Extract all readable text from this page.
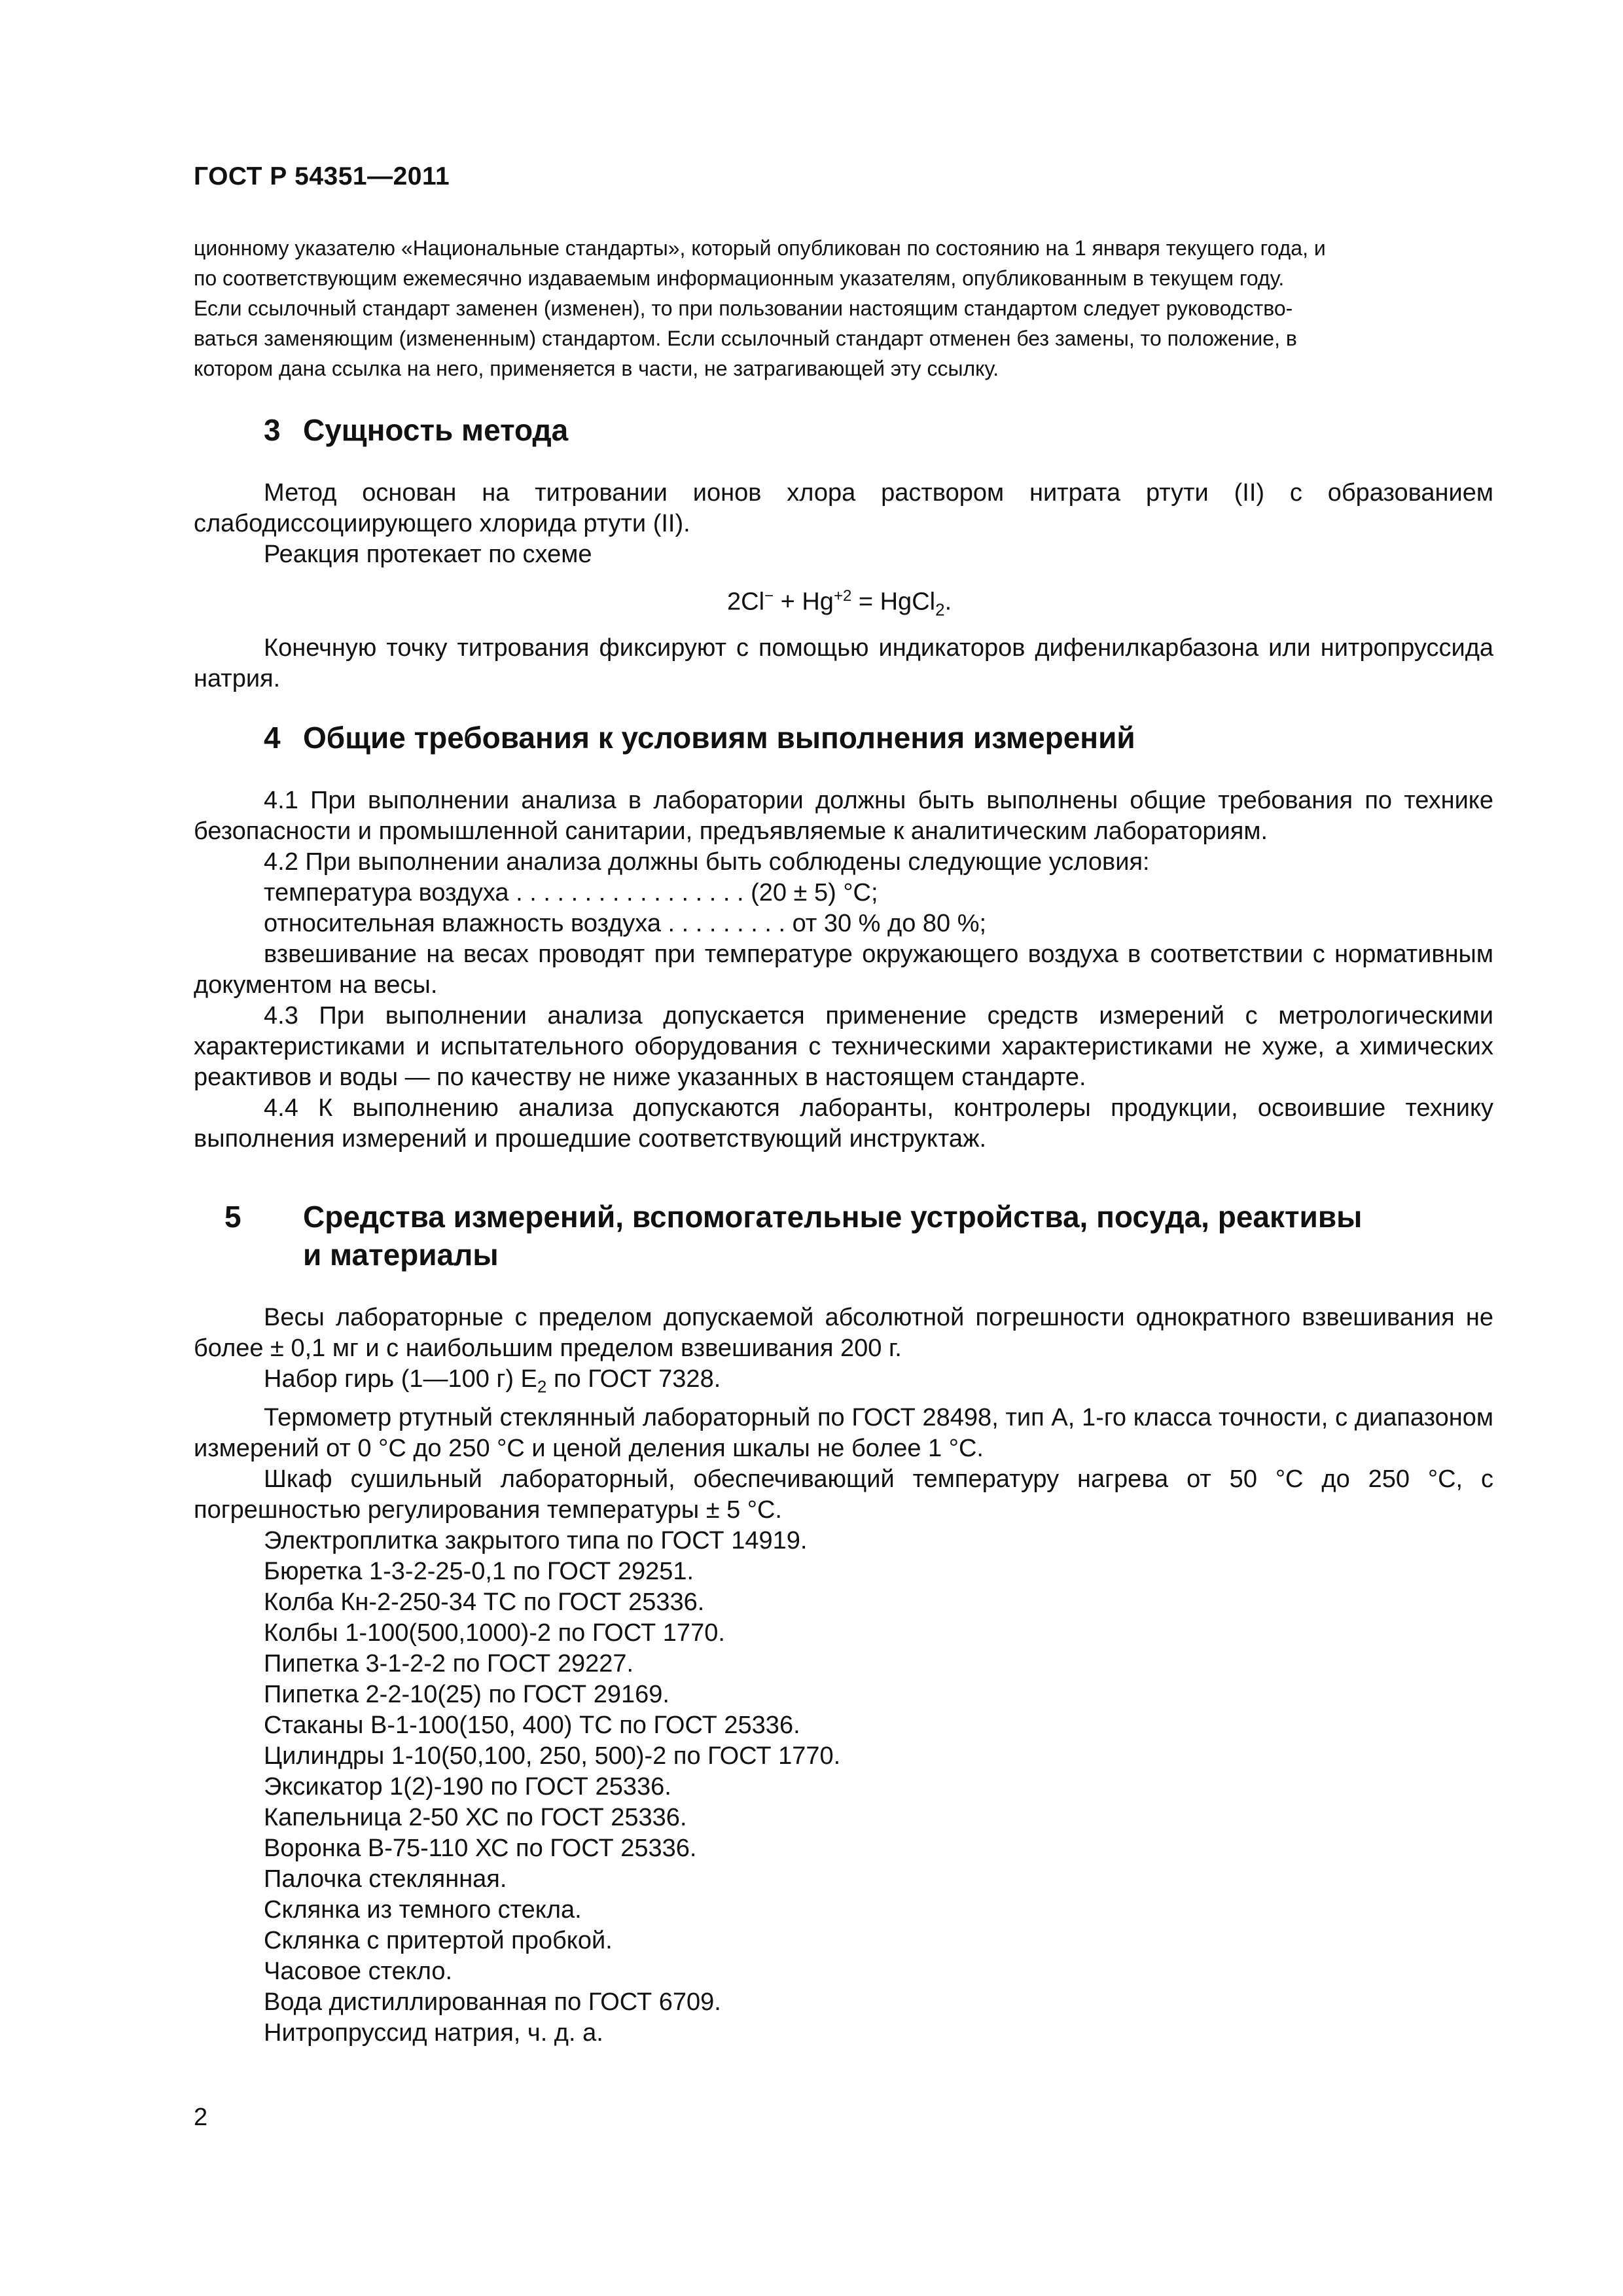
ГОСТ Р 54351—2011

ционному указателю «Национальные стандарты», который опубликован по состоянию на 1 января текущего года, и

по соответствующим ежемесячно издаваемым информационным указателям, опубликованным в текущем году.

Если ссылочный стандарт заменен (изменен), то при пользовании настоящим стандартом следует руководство-

ваться заменяющим (измененным) стандартом. Если ссылочный стандарт отменен без замены, то положение, в

котором дана ссылка на него, применяется в части, не затрагивающей эту ссылку.

3 Сущность метода

Метод основан на титровании ионов хлора раствором нитрата ртути (II) с образованием слабодиссоциирующего хлорида ртути (II).

Реакция протекает по схеме

$2Cl^- + Hg^{+2}$ = HgCl$_2$.

Конечную точку титрования фиксируют с помощью индикаторов дифенилкарбазона или нитропруссида натрия.

4 Общие требования к условиям выполнения измерений

4.1 При выполнении анализа в лаборатории должны быть выполнены общие требования по технике безопасности и промышленной санитарии, предъявляемые к аналитическим лабораториям.

4.2 При выполнении анализа должны быть соблюдены следующие условия:

температура воздуха . . . . . . . . . . . . . . . . . (20 ± 5) °C;

относительная влажность воздуха . . . . . . . . . от 30 % до 80 %;

взвешивание на весах проводят при температуре окружающего воздуха в соответствии с нормативным документом на весы.

4.3 При выполнении анализа допускается применение средств измерений с метрологическими характеристиками и испытательного оборудования с техническими характеристиками не хуже, а химических реактивов и воды — по качеству не ниже указанных в настоящем стандарте.

4.4 К выполнению анализа допускаются лаборанты, контролеры продукции, освоившие технику выполнения измерений и прошедшие соответствующий инструктаж.

5 Средства измерений, вспомогательные устройства, посуда, реактивы
и материалы

Весы лабораторные с пределом допускаемой абсолютной погрешности однократного взвешивания не более ± 0,1 мг и с наибольшим пределом взвешивания 200 г.

Набор гирь (1—100 г) $E_2$ по ГОСТ 7328.

Термометр ртутный стеклянный лабораторный по ГОСТ 28498, тип А, 1-го класса точности, с диапазоном измерений от 0 °C до 250 °C и ценой деления шкалы не более 1 °C.

Шкаф сушильный лабораторный, обеспечивающий температуру нагрева от 50 °C до 250 °C, с погрешностью регулирования температуры ± 5 °C.

Электроплитка закрытого типа по ГОСТ 14919.

Бюретка 1-3-2-25-0,1 по ГОСТ 29251.

Колба Кн-2-250-34 ТС по ГОСТ 25336.

Колбы 1-100(500,1000)-2 по ГОСТ 1770.

Пипетка 3-1-2-2 по ГОСТ 29227.

Пипетка 2-2-10(25) по ГОСТ 29169.

Стаканы В-1-100(150, 400) ТС по ГОСТ 25336.

Цилиндры 1-10(50,100, 250, 500)-2 по ГОСТ 1770.

Эксикатор 1(2)-190 по ГОСТ 25336.

Капельница 2-50 ХС по ГОСТ 25336.

Воронка В-75-110 ХС по ГОСТ 25336.

Палочка стеклянная.

Склянка из темного стекла.

Склянка с притертой пробкой.

Часовое стекло.

Вода дистиллированная по ГОСТ 6709.

Нитропруссид натрия, ч. д. а.

2
